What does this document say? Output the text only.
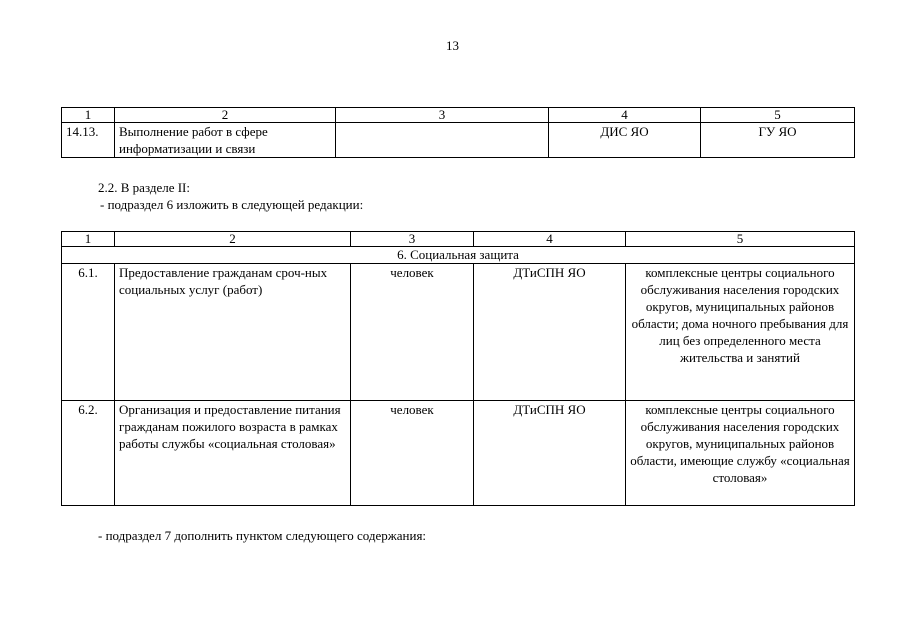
13
1	2	3	4	5
14.13.	Выполнение работ в сфере информатизации и связи		ДИС ЯО	ГУ ЯО
2.2. В разделе II:
- подраздел 6 изложить в следующей редакции:
1	2	3	4	5
6. Социальная защита				
6.1.	Предоставление гражданам сроч-ных социальных услуг (работ)	человек	ДТиСПН ЯО	комплексные центры социального обслуживания населения городских округов, муниципальных районов области; дома ночного пребывания для лиц без определенного места жительства и занятий
6.2.	Организация и предоставление питания гражданам пожилого возраста в рамках работы службы «социальная столовая»	человек	ДТиСПН ЯО	комплексные центры социального обслуживания населения городских округов, муниципальных районов области, имеющие службу «социальная столовая»
- подраздел 7 дополнить пунктом следующего содержания:
